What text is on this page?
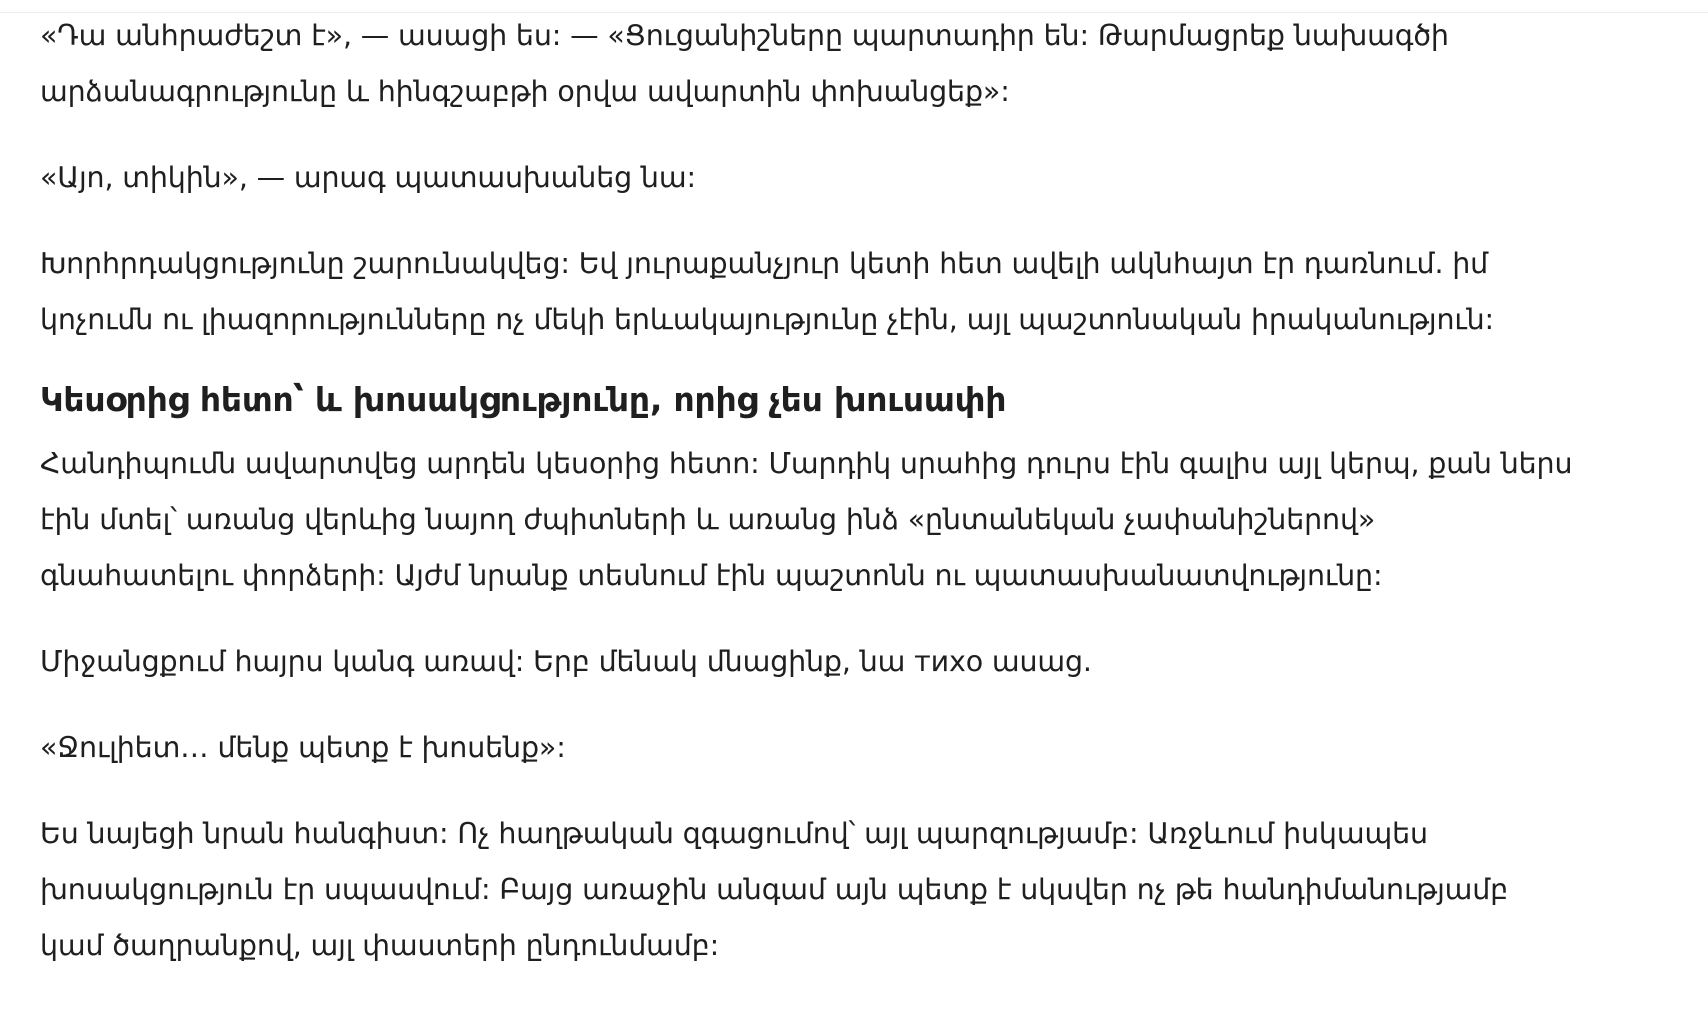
«Դա անհրաժեշտ է», — ասացի ես: — «Ցուցանիշները պարտադիր են: Թարմացրեք նախագծի
արձանագրությունը և հինգշաբթի օրվա ավարտին փոխանցեք»:

«Այո, տիկին», — արագ պատասխանեց նա:

Խորհրդակցությունը շարունակվեց: Եվ յուրաքանչյուր կետի հետ ավելի ակնհայտ էր դառնում. իմ
կոչումն ու լիազորությունները ոչ մեկի երևակայությունը չէին, այլ պաշտոնական իրականություն:

Կեսօրից հետո՝ և խոսակցությունը, որից չես խուսափի

Հանդիպումն ավարտվեց արդեն կեսօրից հետո: Մարդիկ սրահից դուրս էին գալիս այլ կերպ, քան ներս
էին մտել՝ առանց վերևից նայող ժպիտների և առանց ինձ «ընտանեկան չափանիշներով»
գնահատելու փորձերի: Այժմ նրանք տեսնում էին պաշտոնն ու պատասխանատվությունը:

Միջանցքում հայրս կանգ առավ: Երբ մենակ մնացինք, նա тихо ասաց.

«Ջուլիետ… մենք պետք է խոսենք»:

Ես նայեցի նրան հանգիստ: Ոչ հաղթական զգացումով՝ այլ պարզությամբ: Առջևում իսկապես
խոսակցություն էր սպասվում: Բայց առաջին անգամ այն պետք է սկսվեր ոչ թե հանդիմանությամբ
կամ ծաղրանքով, այլ փաստերի ընդունմամբ:
